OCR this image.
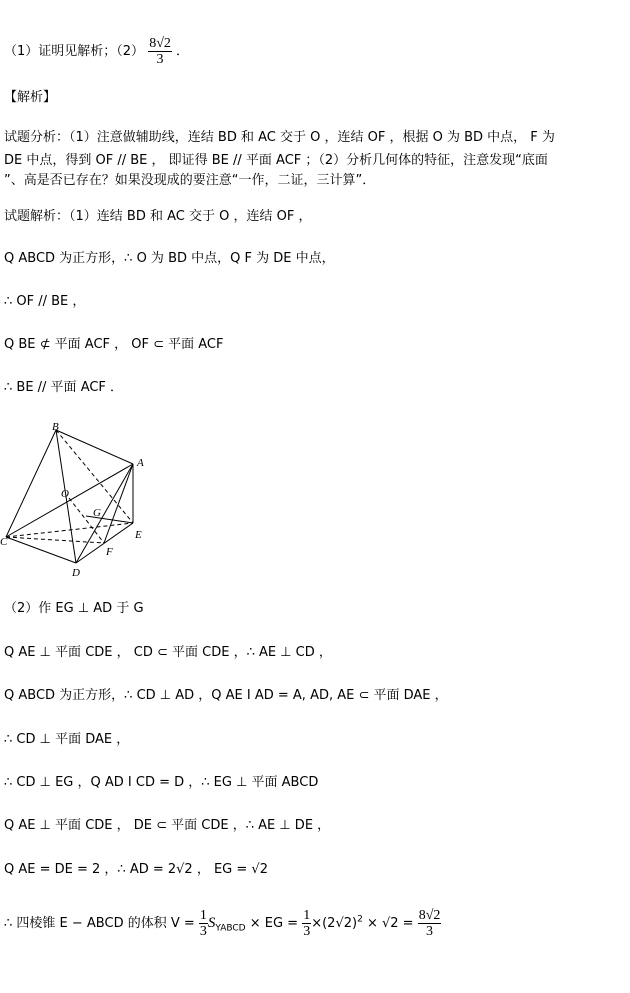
（1）证明见解析；$(2) \frac{8√2}{3}$ ．
【解析】
试题分析：（1）注意做辅助线，连结 BD 和 AC 交于 O ，连结 OF ，根据 O 为 BD 中点， F 为
DE 中点，得到 OF // BE ， 即证得 BE // 平面 ACF ；（2）分析几何体的特征，注意发现“底面
”、高是否已存在？如果没现成的要注意“一作，二证，三计算”．
试题解析：（1）连结 BD 和 AC 交于 O ，连结 OF ，
Q ABCD 为正方形，∴ O 为 BD 中点，Q F 为 DE 中点，
∴ OF // BE ，
Q BE ⊄ 平面 ACF ， OF ⊂ 平面 ACF
∴ BE // 平面 ACF ．
B
A
C
D
E
F
G
O
（2）作 EG ⊥ AD 于 G
Q AE ⊥ 平面 CDE ， CD ⊂ 平面 CDE ，∴ AE ⊥ CD ，
Q ABCD 为正方形，∴ CD ⊥ AD ，Q AE I AD = A, AD, AE ⊂ 平面 DAE ，
∴ CD ⊥ 平面 DAE ，
∴ CD ⊥ EG ，Q AD I CD = D ，∴ EG ⊥ 平面 ABCD
Q AE ⊥ 平面 CDE ， DE ⊂ 平面 CDE ，∴ AE ⊥ DE ，
Q AE = DE = 2 ，∴ AD = 2√2 ， EG = √2
∴ 四棱锥 E − ABCD 的体积 $V = \frac{1}{3} S_{YABCD}$ × EG = $\frac{1}{3} \times(2√2)^2 \times √2 = \frac{8√2}{3}$
